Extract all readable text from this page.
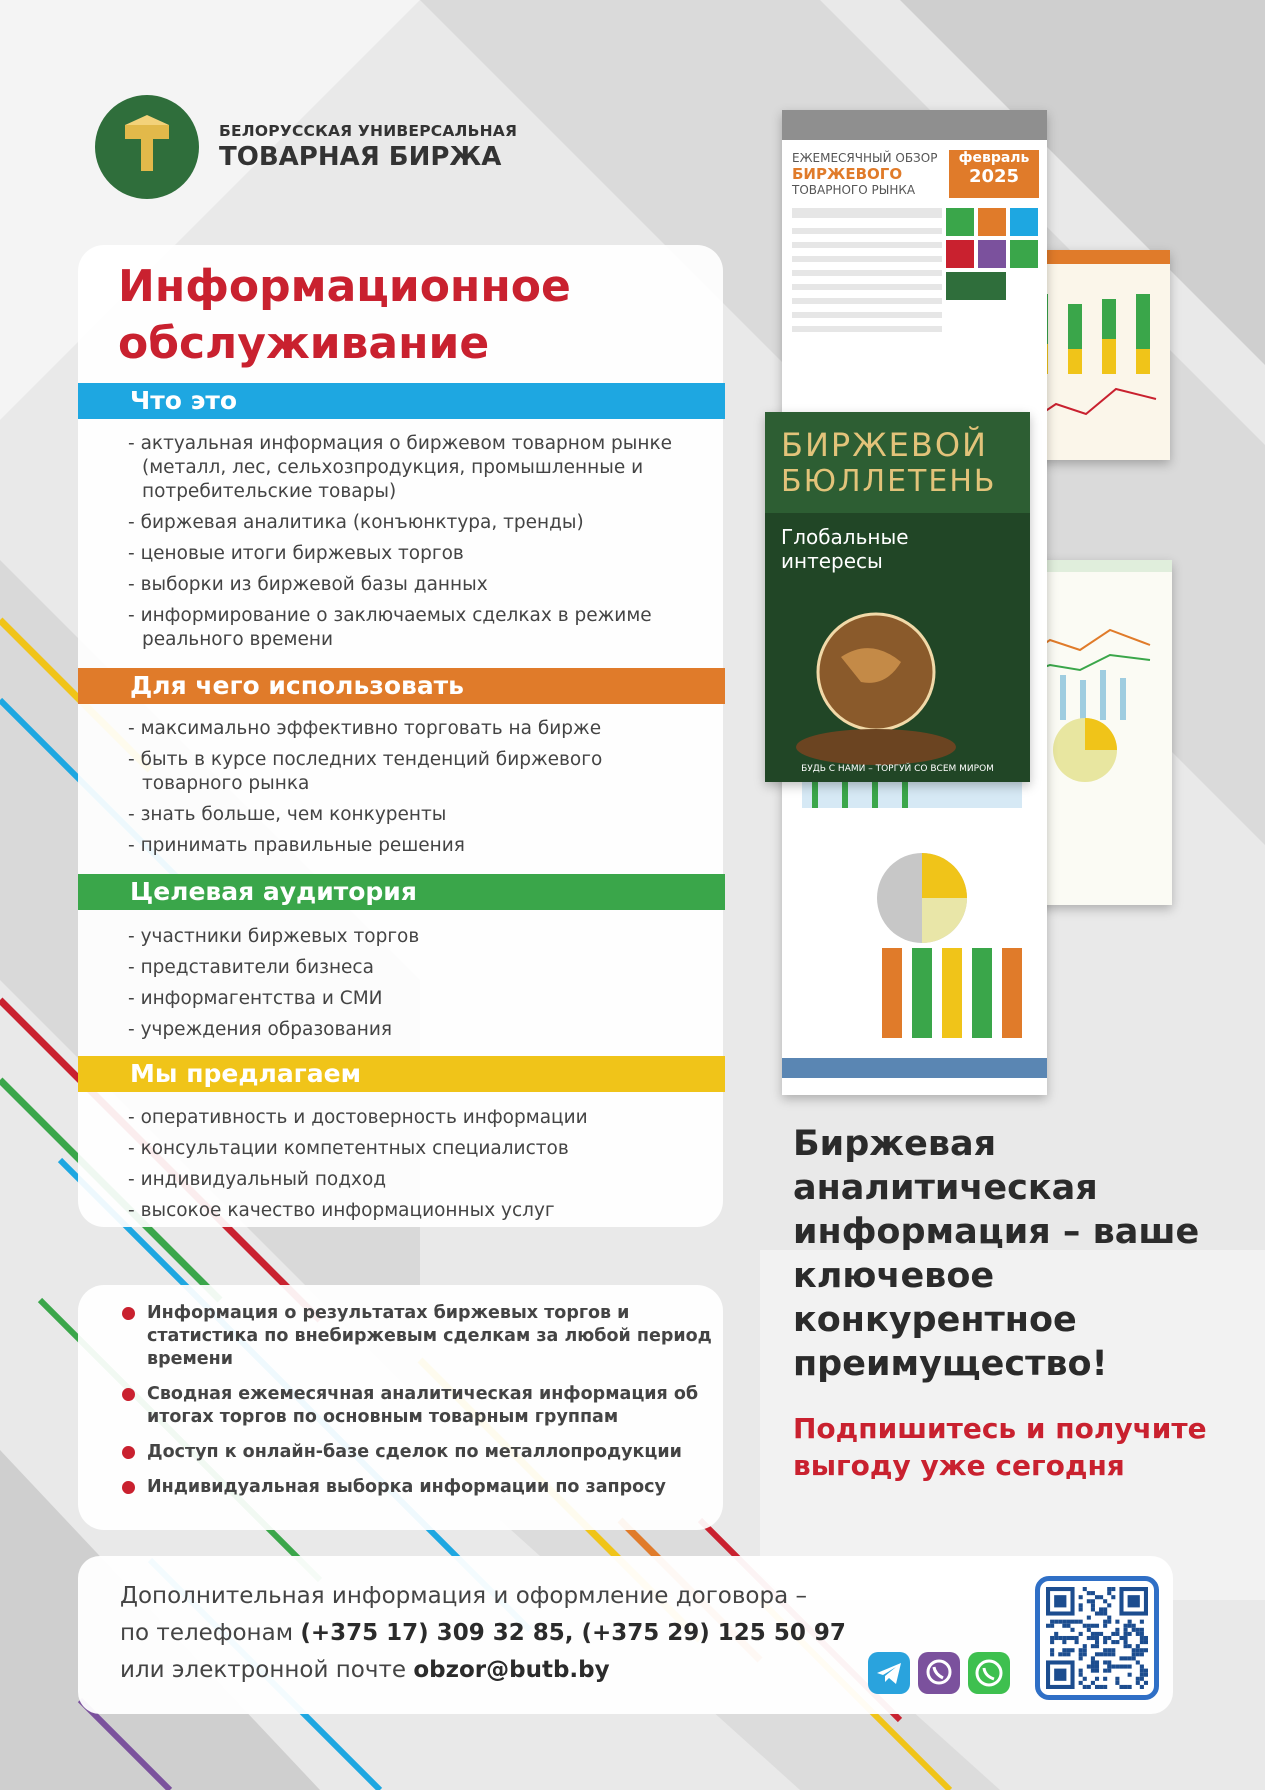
БЕЛОРУССКАЯ УНИВЕРСАЛЬНАЯ
ТОВАРНАЯ БИРЖА
Информационное
обслуживание
Что это
- актуальная информация о биржевом товарном рынке (металл, лес, сельхозпродукция, промышленные и потребительские товары)
- биржевая аналитика (конъюнктура, тренды)
- ценовые итоги биржевых торгов
- выборки из биржевой базы данных
- информирование о заключаемых сделках в режиме реального времени
Для чего использовать
- максимально эффективно торговать на бирже
- быть в курсе последних тенденций биржевого товарного рынка
- знать больше, чем конкуренты
- принимать правильные решения
Целевая аудитория
- участники биржевых торгов
- представители бизнеса
- информагентства и СМИ
- учреждения образования
Мы предлагаем
- оперативность и достоверность информации
- консультации компетентных специалистов
- индивидуальный подход
- высокое качество информационных услуг
Информация о результатах биржевых торгов и статистика по внебиржевым сделкам за любой период времени
Сводная ежемесячная аналитическая информация об итогах торгов по основным товарным группам
Доступ к онлайн-базе сделок по металлопродукции
Индивидуальная выборка информации по запросу
ЕЖЕМЕСЯЧНЫЙ ОБЗОР
БИРЖЕВОГО
ТОВАРНОГО РЫНКА
февраль
2025
БИРЖЕВОЙ
БЮЛЛЕТЕНЬ
Глобальные
интересы
БУДЬ С НАМИ – ТОРГУЙ СО ВСЕМ МИРОМ
Биржевая аналитическая информация – ваше ключевое конкурентное преимущество!
Подпишитесь и получите выгоду уже сегодня
Дополнительная информация и оформление договора –
по телефонам (+375 17) 309 32 85, (+375 29) 125 50 97
или электронной почте obzor@butb.by
